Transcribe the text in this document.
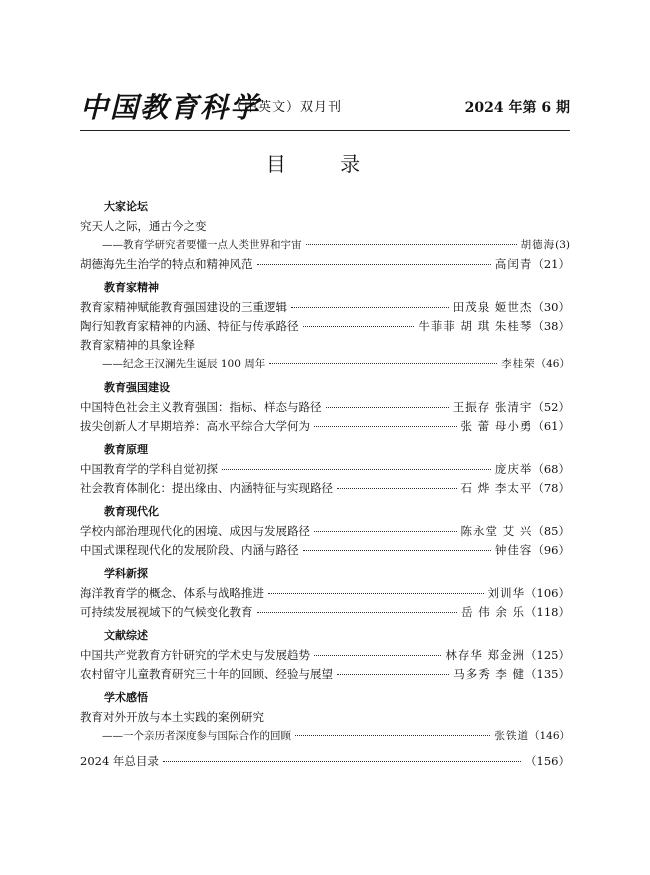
中国教育科学
（中英文）双月刊	2024 年第 6 期
目 录
大家论坛
究天人之际，通古今之变
——教育学研究者要懂一点人类世界和宇宙	胡德海 (3)
胡德海先生治学的特点和精神风范	高闰青 （21）
教育家精神
教育家精神赋能教育强国建设的三重逻辑	田茂泉 姬世杰 （30）
陶行知教育家精神的内涵、特征与传承路径	牛菲菲 胡 琪 朱桂琴 （38）
教育家精神的具象诠释
——纪念王汉澜先生诞辰 100 周年	李桂荣 （46）
教育强国建设
中国特色社会主义教育强国：指标、样态与路径	王振存 张清宇 （52）
拔尖创新人才早期培养：高水平综合大学何为	张 蕾 母小勇 （61）
教育原理
中国教育学的学科自觉初探	庞庆举 （68）
社会教育体制化：提出缘由、内涵特征与实现路径	石 烨 李太平 （78）
教育现代化
学校内部治理现代化的困境、成因与发展路径	陈永堂 艾 兴 （85）
中国式课程现代化的发展阶段、内涵与路径	钟佳容 （96）
学科新探
海洋教育学的概念、体系与战略推进	刘训华 （106）
可持续发展视域下的气候变化教育	岳 伟 余 乐 （118）
文献综述
中国共产党教育方针研究的学术史与发展趋势	林存华 郑金洲 （125）
农村留守儿童教育研究三十年的回顾、经验与展望	马多秀 李 健 （135）
学术感悟
教育对外开放与本土实践的案例研究
——一个亲历者深度参与国际合作的回顾	张铁道 （146）
2024 年总目录	（156）
